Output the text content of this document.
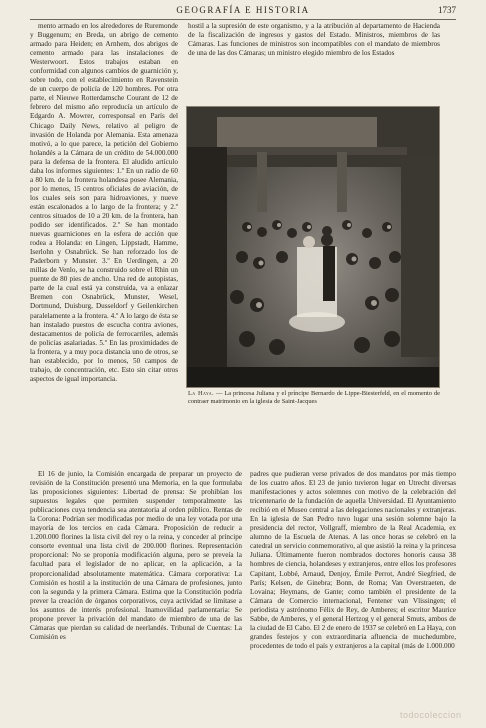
GEOGRAFÍA E HISTORIA	1737

mento armado en los alrededores de Ruremonde y Buggenum; en Breda, un abrigo de cemento armado para Heiden; en Arnhem, dos abrigos de cemento armado para las instalaciones de Westerwoort. Estos trabajos estaban en conformidad con algunos cambios de guarnición y, sobre todo, con el establecimiento en Ravenstein de un cuerpo de policía de 120 hombres. Por otra parte, el Nieuwe Rotterdamsche Courant de 12 de febrero del mismo año reproducía un artículo de Edgardo A. Mowrer, corresponsal en París del Chicago Daily News, relativo al peligro de invasión de Holanda por Alemania. Esta amenaza motivó, a lo que parece, la petición del Gobierno holandés a la Cámara de un crédito de 54.000.000 para la defensa de la frontera. El aludido artículo daba los informes siguientes: 1.º En un radio de 60 a 80 km. de la frontera holandesa posee Alemania, por lo menos, 15 centros oficiales de aviación, de los cuales seis son para hidroaviones, y nueve están escalonados a lo largo de la frontera; y 2.º centros situados de 10 a 20 km. de la frontera, han podido ser identificados. 2.º Se han montado nuevas guarniciones en la esfera de acción que rodea a Holanda: en Lingen, Lippstadt, Hamme, Iserlohn y Osnabrück. Se han reforzado los de Paderborn y Munster. 3.º En Uerdingen, a 20 millas de Venlo, se ha construido sobre el Rhin un puente de 80 pies de ancho. Una red de autopistas, parte de la cual está ya construida, va a enlazar Bremen con Osnabrück, Munster, Wesel, Dortmund, Duisburg, Dusseldorf y Geilenkirchen paralelamente a la frontera. 4.º A lo largo de ésta se han instalado puestos de escucha contra aviones, destacamentos de policía de ferrocarriles, además de policías asalariadas. 5.º En las proximidades de la frontera, y a muy poca distancia uno de otros, se han establecido, por lo menos, 50 campos de trabajo, de concentración, etc. Esto sin citar otros aspectos de igual importancia.

hostil a la supresión de este organismo, y a la atribución al departamento de Hacienda de la fiscalización de ingresos y gastos del Estado. Ministros, miembros de las Cámaras. Las funciones de ministros son incompatibles con el mandato de miembros de una de las dos Cámaras; un ministro elegido miembro de los Estados

La Haya. — La princesa Juliana y el príncipe Bernardo de Lippe-Biesterfeld, en el momento de contraer matrimonio en la iglesia de Saint-Jacques

El 16 de junio, la Comisión encargada de preparar un proyecto de revisión de la Constitución presentó una Memoria, en la que formulaba las proposiciones siguientes: Libertad de prensa: Se prohibían los supuestos legales que permiten suspender temporalmente las publicaciones cuya tendencia sea atentatoria al orden público. Rentas de la Corona: Podrían ser modificadas por medio de una ley votada por una mayoría de los tercios en cada Cámara. Proposición de reducir a 1.200.000 florines la lista civil del rey o la reina, y conceder al príncipe consorte eventual una lista civil de 200.000 florines. Representación proporcional: No se proponía modificación alguna, pero se preveía la facultad para el legislador de no aplicar, en la aplicación, a la proporcionalidad absolutamente matemática. Cámara corporativa: La Comisión es hostil a la institución de una Cámara de profesiones, junto con la segunda y la primera Cámara. Estima que la Constitución podría prever la creación de órganos corporativos, cuya actividad se limitase a los asuntos de interés profesional. Inamovilidad parlamentaria: Se propone prever la privación del mandato de miembro de una de las Cámaras que pierdan su calidad de neerlandés. Tribunal de Cuentas: La Comisión es

padres que pudieran verse privados de dos mandatos por más tiempo de los cuatro años. El 23 de junio tuvieron lugar en Utrecht diversas manifestaciones y actos solemnes con motivo de la celebración del tricentenario de la fundación de aquella Universidad. El Ayuntamiento recibió en el Museo central a las delegaciones nacionales y extranjeras. En la iglesia de San Pedro tuvo lugar una sesión solemne bajo la presidencia del rector, Vollgraff, miembro de la Real Academia, ex alumno de la Escuela de Atenas. A las once horas se celebró en la catedral un servicio conmemorativo, al que asistió la reina y la princesa Juliana. Últimamente fueron nombrados doctores honoris causa 38 hombres de ciencia, holandeses y extranjeros, entre ellos los profesores Capitant, Lobbé, Arnaud, Denjoy, Émile Perrot, André Siegfried, de París; Kelsen, de Ginebra; Bonn, de Roma; Van Overstraeten, de Lovaina; Heymans, de Gante; como también el presidente de la Cámara de Comercio internacional, Fentener van Vlissingen; el periodista y astrónomo Félix de Rey, de Amberes; el escritor Maurice Sabbe, de Amberes, y el general Hertzog y el general Smuts, ambos de la ciudad de El Cabo. El 2 de enero de 1937 se celebró en La Haya, con grandes festejos y con extraordinaria afluencia de muchedumbre, procedentes de todo el país y extranjeros a la capital (más de 1.000.000

todocoleccion
